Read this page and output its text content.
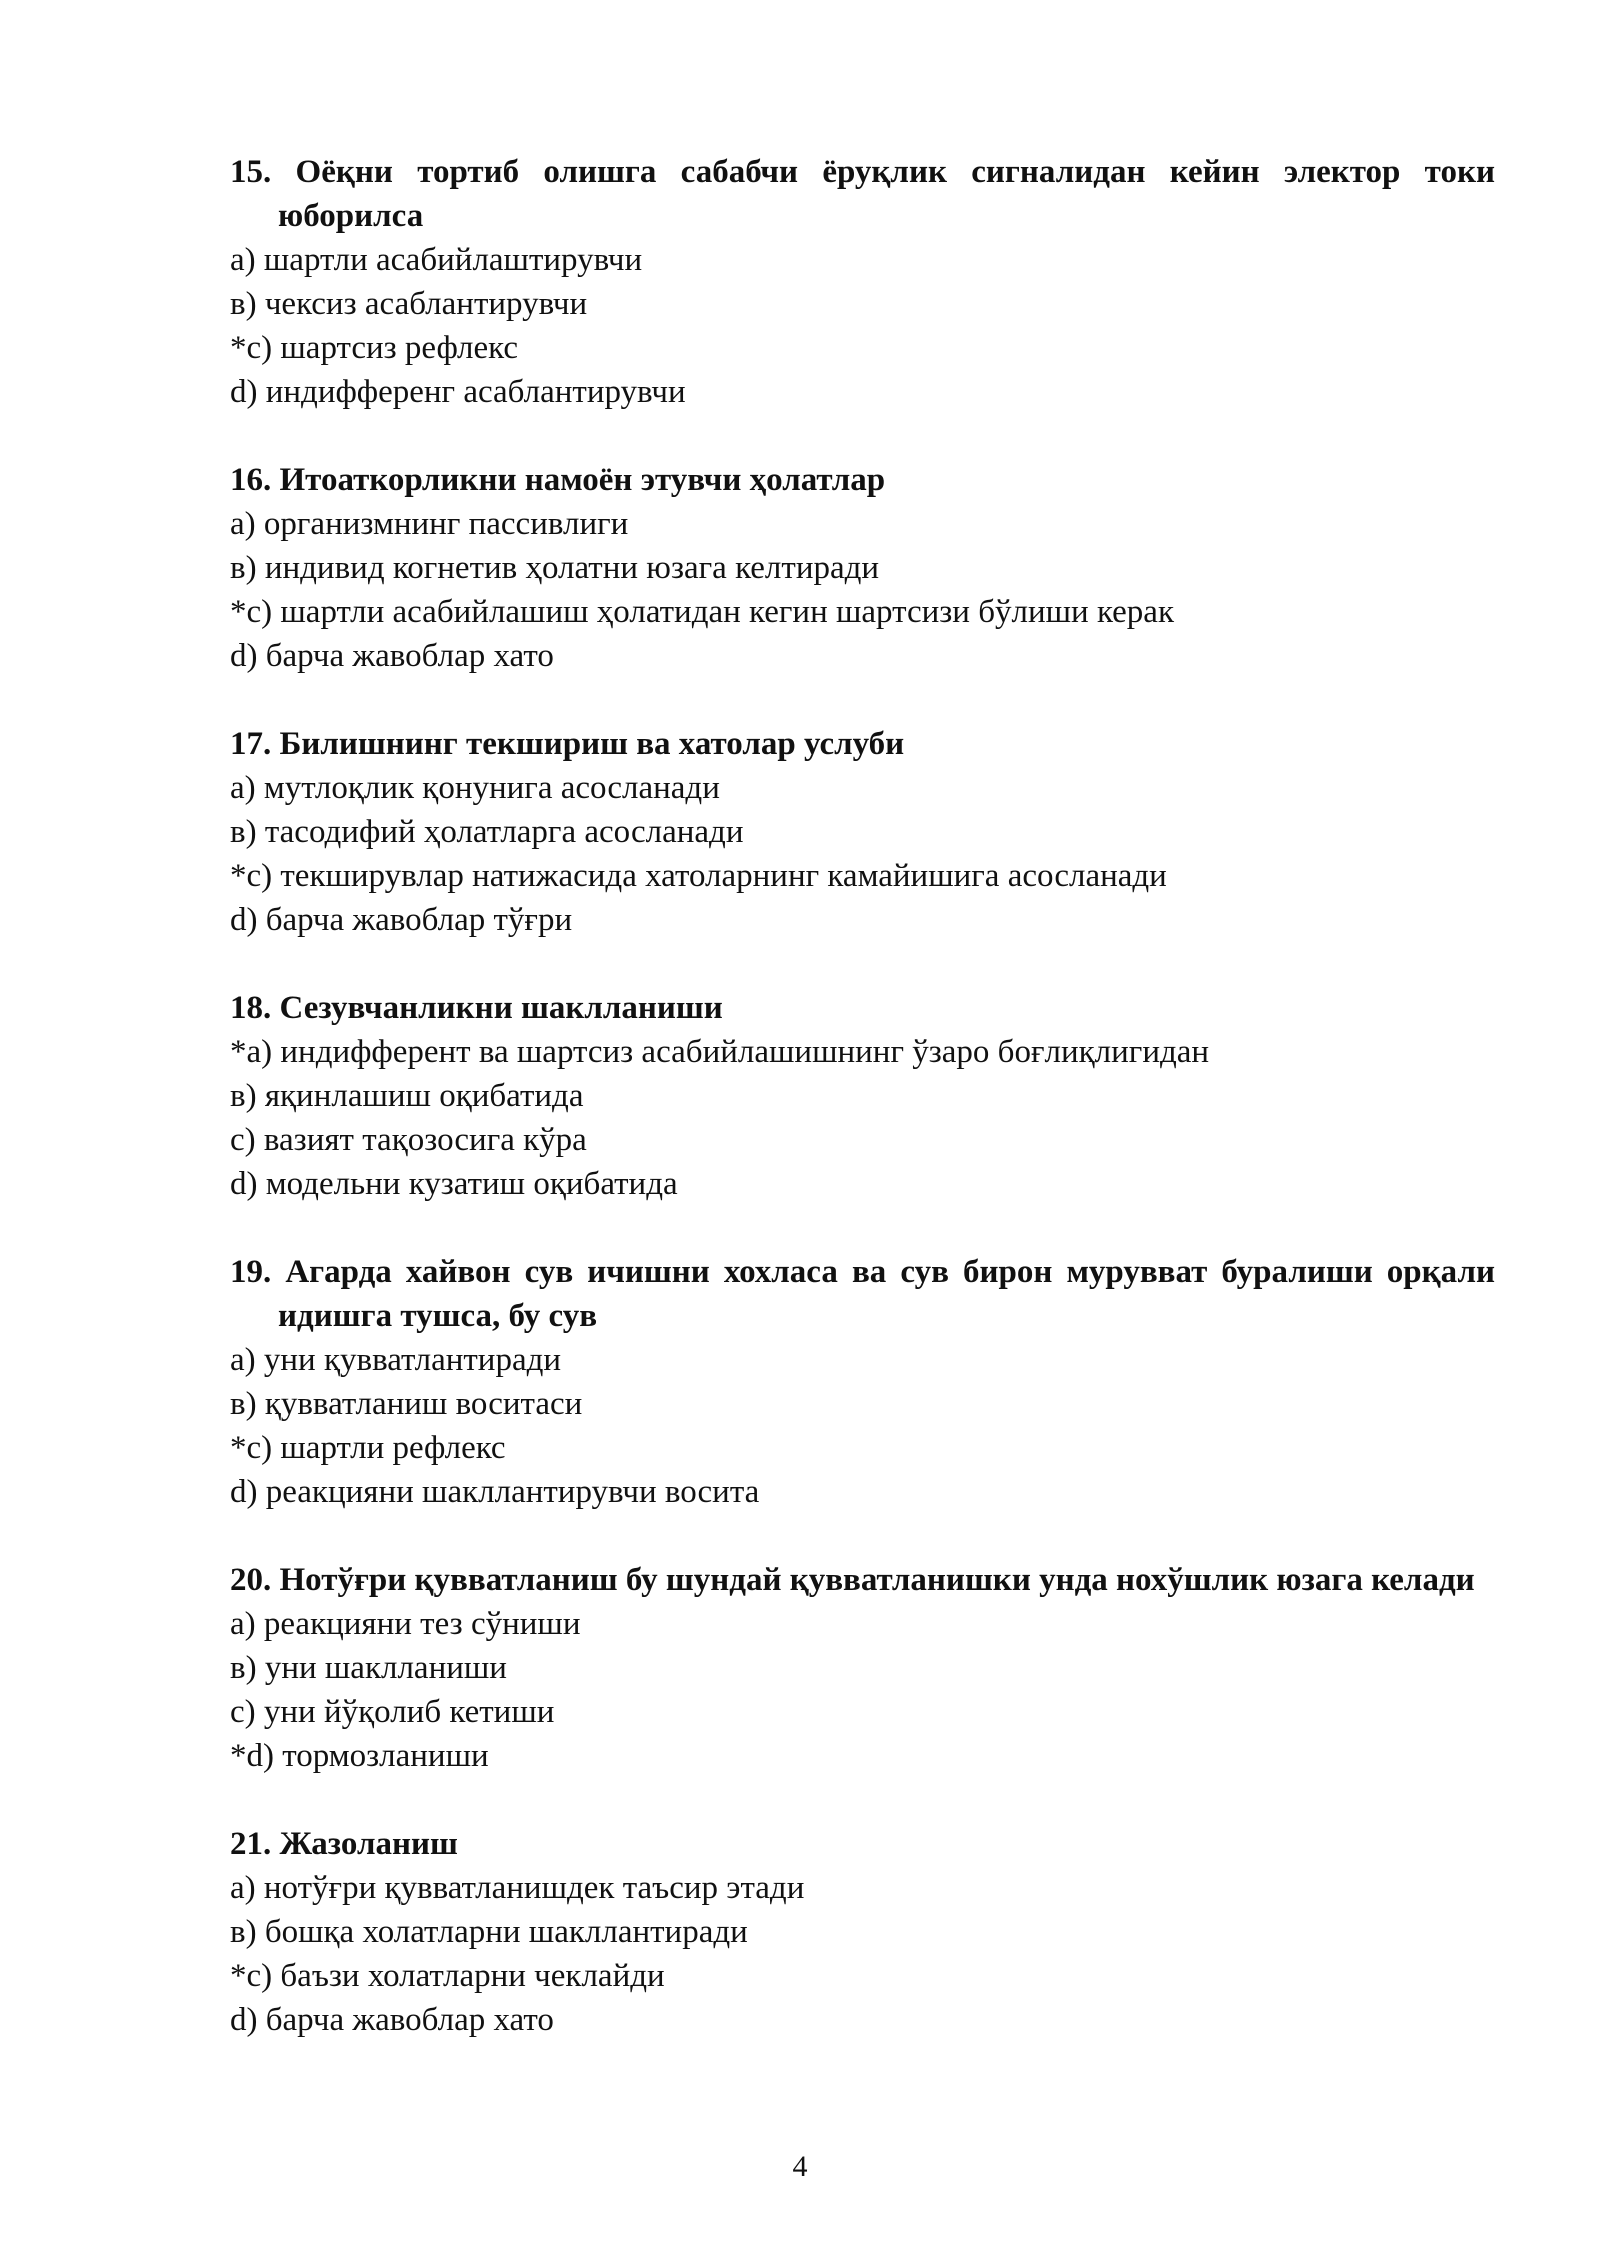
15. Оёқни тортиб олишга сабабчи ёруқлик сигналидан кейин электор токи юборилса

a) шартли асабийлаштирувчи

в) чексиз асаблантирувчи

*c) шартсиз рефлекс

d) индифференг асаблантирувчи

16. Итоаткорликни намоён этувчи ҳолатлар

a) организмнинг пассивлиги

в) индивид когнетив ҳолатни юзага келтиради

*c) шартли асабийлашиш ҳолатидан кегин шартсизи бўлиши керак

d) барча жавоблар хато

17. Билишнинг текшириш ва хатолар услуби

a) мутлоқлик қонунига асосланади

в) тасодифий ҳолатларга асосланади

*c) текширувлар натижасида хатоларнинг камайишига асосланади

d) барча жавоблар тўғри

18. Сезувчанликни шаклланиши

*a) индифферент ва шартсиз асабийлашишнинг ўзаро боғлиқлигидан

в) яқинлашиш оқибатида

c) вазият тақозосига кўра

d) модельни кузатиш оқибатида

19. Агарда хайвон сув ичишни хохласа ва сув бирон мурувват буралиши орқали идишга тушса, бу сув

a) уни қувватлантиради

в) қувватланиш воситаси

*c) шартли рефлекс

d) реакцияни шакллантирувчи восита

20. Нотўғри қувватланиш бу шундай қувватланишки унда нохўшлик юзага келади

a) реакцияни тез сўниши

в) уни шаклланиши

c) уни йўқолиб кетиши

*d) тормозланиши

21. Жазоланиш

a) нотўғри қувватланишдек таъсир этади

в) бошқа холатларни шакллантиради

*c) баъзи холатларни чеклайди

d) барча жавоблар хато

4
